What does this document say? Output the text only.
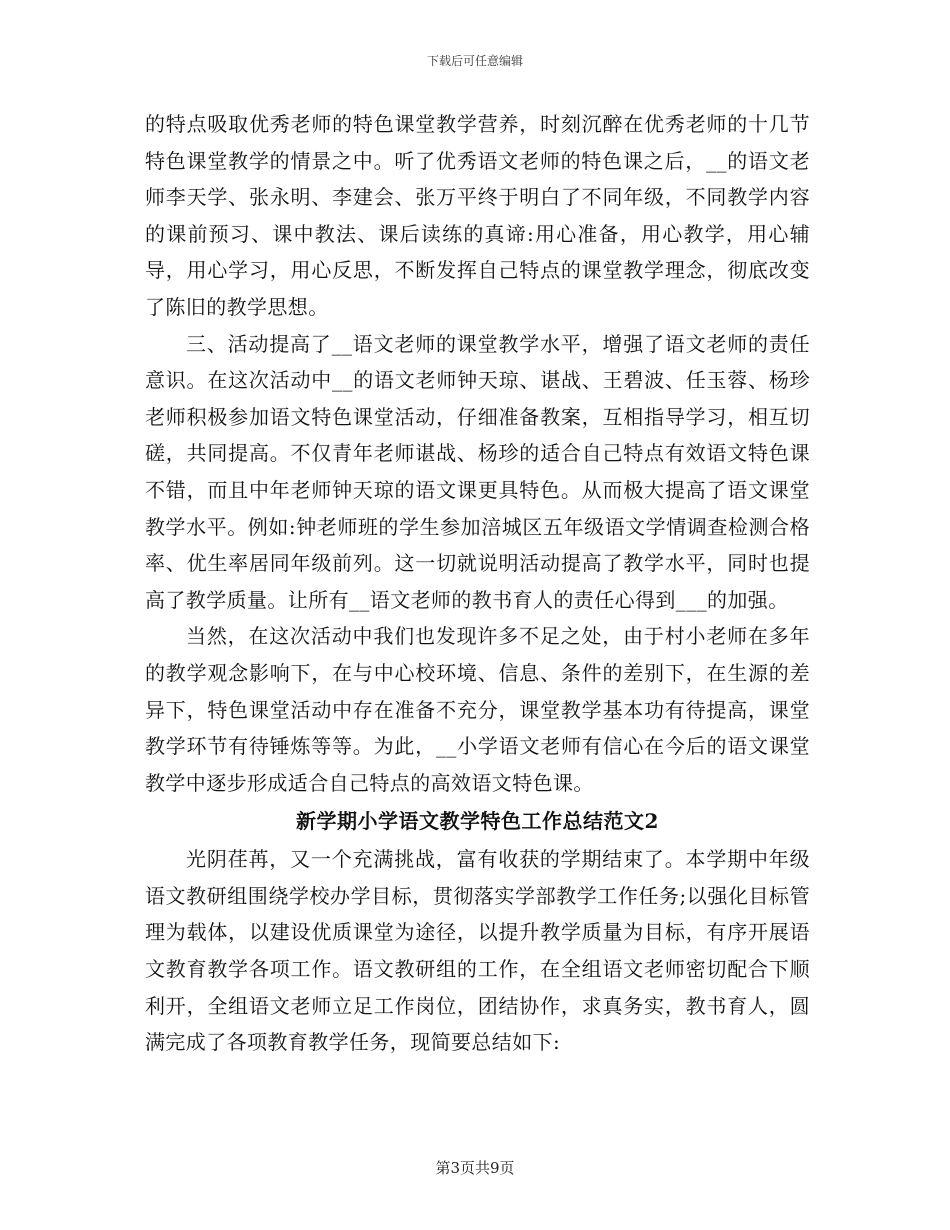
下载后可任意编辑

的特点吸取优秀老师的特色课堂教学营养，时刻沉醉在优秀老师的十几节特色课堂教学的情景之中。听了优秀语文老师的特色课之后，__的语文老师李天学、张永明、李建会、张万平终于明白了不同年级，不同教学内容的课前预习、课中教法、课后读练的真谛:用心准备，用心教学，用心辅导，用心学习，用心反思，不断发挥自己特点的课堂教学理念，彻底改变了陈旧的教学思想。

三、活动提高了__语文老师的课堂教学水平，增强了语文老师的责任意识。在这次活动中__的语文老师钟天琼、谌战、王碧波、任玉蓉、杨珍老师积极参加语文特色课堂活动，仔细准备教案，互相指导学习，相互切磋，共同提高。不仅青年老师谌战、杨珍的适合自己特点有效语文特色课不错，而且中年老师钟天琼的语文课更具特色。从而极大提高了语文课堂教学水平。例如:钟老师班的学生参加涪城区五年级语文学情调查检测合格率、优生率居同年级前列。这一切就说明活动提高了教学水平，同时也提高了教学质量。让所有__语文老师的教书育人的责任心得到___的加强。

当然，在这次活动中我们也发现许多不足之处，由于村小老师在多年的教学观念影响下，在与中心校环境、信息、条件的差别下，在生源的差异下，特色课堂活动中存在准备不充分，课堂教学基本功有待提高，课堂教学环节有待锤炼等等。为此，__小学语文老师有信心在今后的语文课堂教学中逐步形成适合自己特点的高效语文特色课。

新学期小学语文教学特色工作总结范文2

光阴荏苒，又一个充满挑战，富有收获的学期结束了。本学期中年级语文教研组围绕学校办学目标，贯彻落实学部教学工作任务;以强化目标管理为载体，以建设优质课堂为途径，以提升教学质量为目标，有序开展语文教育教学各项工作。语文教研组的工作，在全组语文老师密切配合下顺利开，全组语文老师立足工作岗位，团结协作，求真务实，教书育人，圆满完成了各项教育教学任务，现简要总结如下:

第3页共9页
